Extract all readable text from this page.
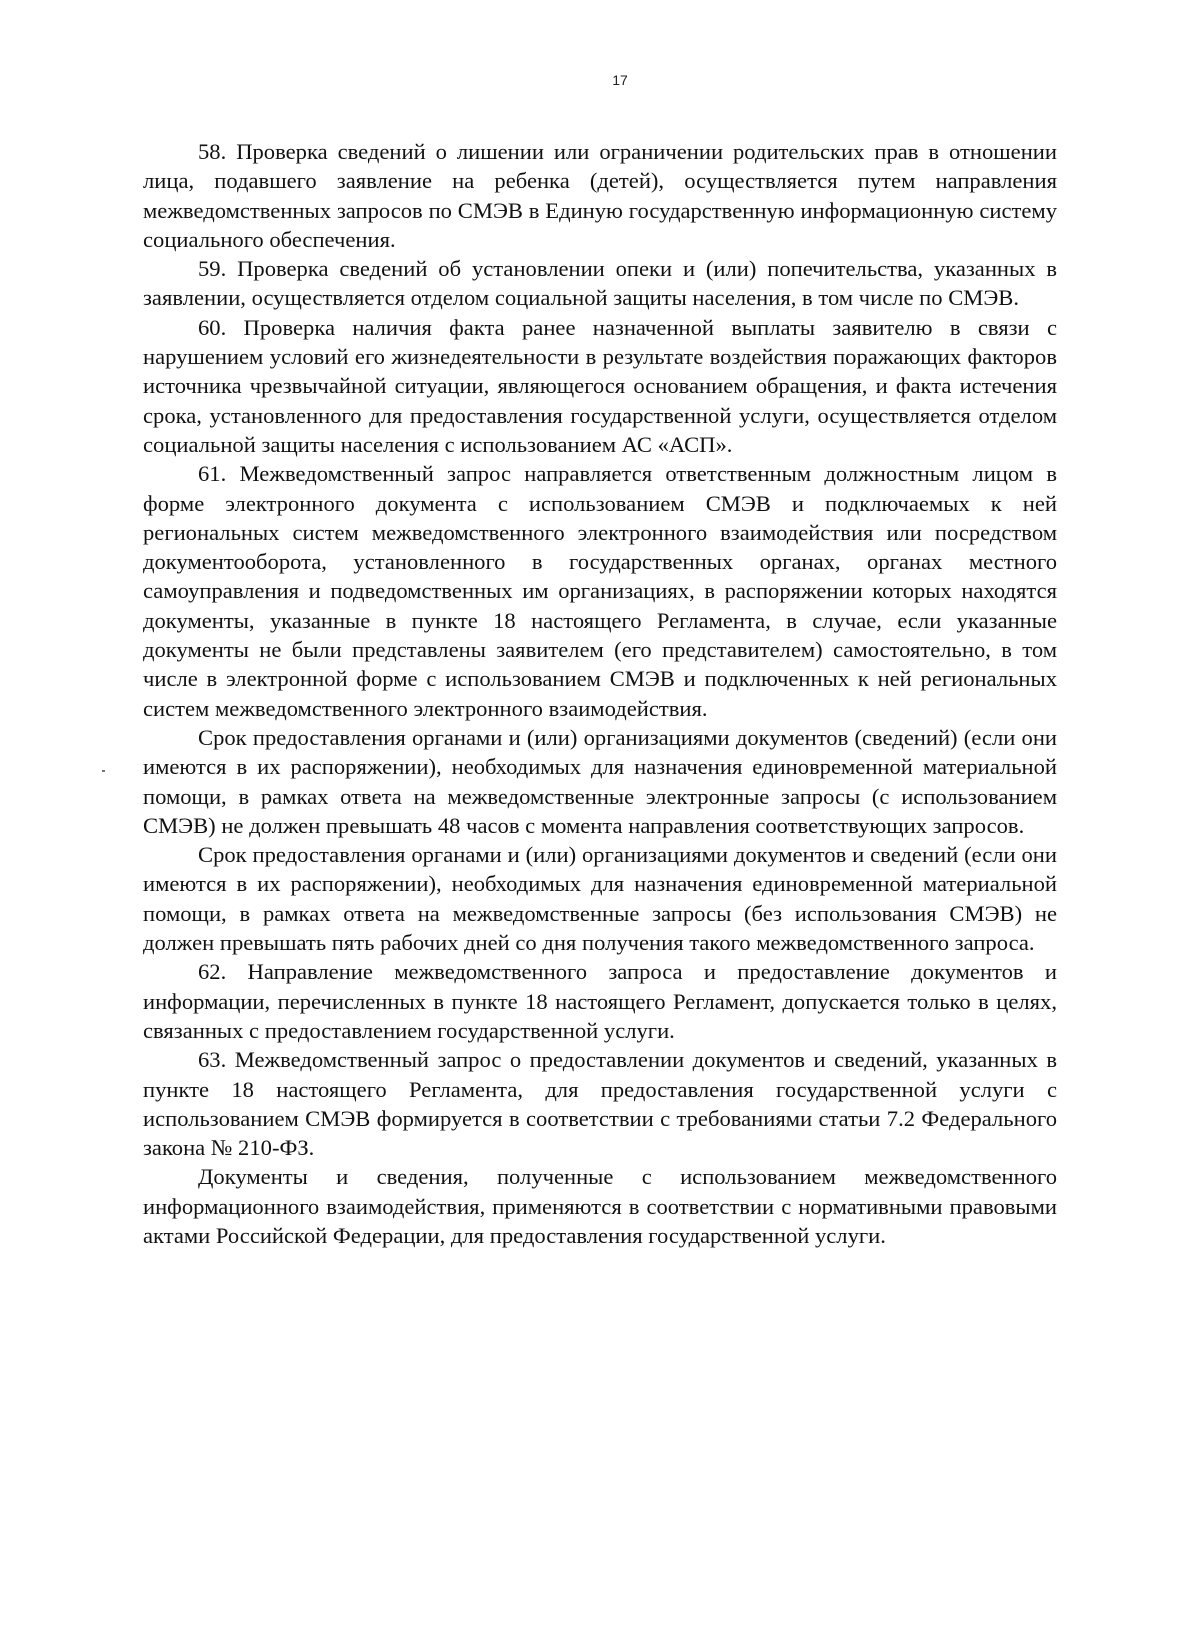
17

58. Проверка сведений о лишении или ограничении родительских прав в отношении лица, подавшего заявление на ребенка (детей), осуществляется путем направления межведомственных запросов по СМЭВ в Единую государственную информационную систему социального обеспечения.

59. Проверка сведений об установлении опеки и (или) попечительства, указанных в заявлении, осуществляется отделом социальной защиты населения, в том числе по СМЭВ.

60. Проверка наличия факта ранее назначенной выплаты заявителю в связи с нарушением условий его жизнедеятельности в результате воздействия поражающих факторов источника чрезвычайной ситуации, являющегося основанием обращения, и факта истечения срока, установленного для предоставления государственной услуги, осуществляется отделом социальной защиты населения с использованием АС «АСП».

61. Межведомственный запрос направляется ответственным должностным лицом в форме электронного документа с использованием СМЭВ и подключаемых к ней региональных систем межведомственного электронного взаимодействия или посредством документооборота, установленного в государственных органах, органах местного самоуправления и подведомственных им организациях, в распоряжении которых находятся документы, указанные в пункте 18 настоящего Регламента, в случае, если указанные документы не были представлены заявителем (его представителем) самостоятельно, в том числе в электронной форме с использованием СМЭВ и подключенных к ней региональных систем межведомственного электронного взаимодействия.

Срок предоставления органами и (или) организациями документов (сведений) (если они имеются в их распоряжении), необходимых для назначения единовременной материальной помощи, в рамках ответа на межведомственные электронные запросы (с использованием СМЭВ) не должен превышать 48 часов с момента направления соответствующих запросов.

Срок предоставления органами и (или) организациями документов и сведений (если они имеются в их распоряжении), необходимых для назначения единовременной материальной помощи, в рамках ответа на межведомственные запросы (без использования СМЭВ) не должен превышать пять рабочих дней со дня получения такого межведомственного запроса.

62. Направление межведомственного запроса и предоставление документов и информации, перечисленных в пункте 18 настоящего Регламент, допускается только в целях, связанных с предоставлением государственной услуги.

63. Межведомственный запрос о предоставлении документов и сведений, указанных в пункте 18 настоящего Регламента, для предоставления государственной услуги с использованием СМЭВ формируется в соответствии с требованиями статьи 7.2 Федерального закона № 210-ФЗ.

Документы и сведения, полученные с использованием межведомственного информационного взаимодействия, применяются в соответствии с нормативными правовыми актами Российской Федерации, для предоставления государственной услуги.
